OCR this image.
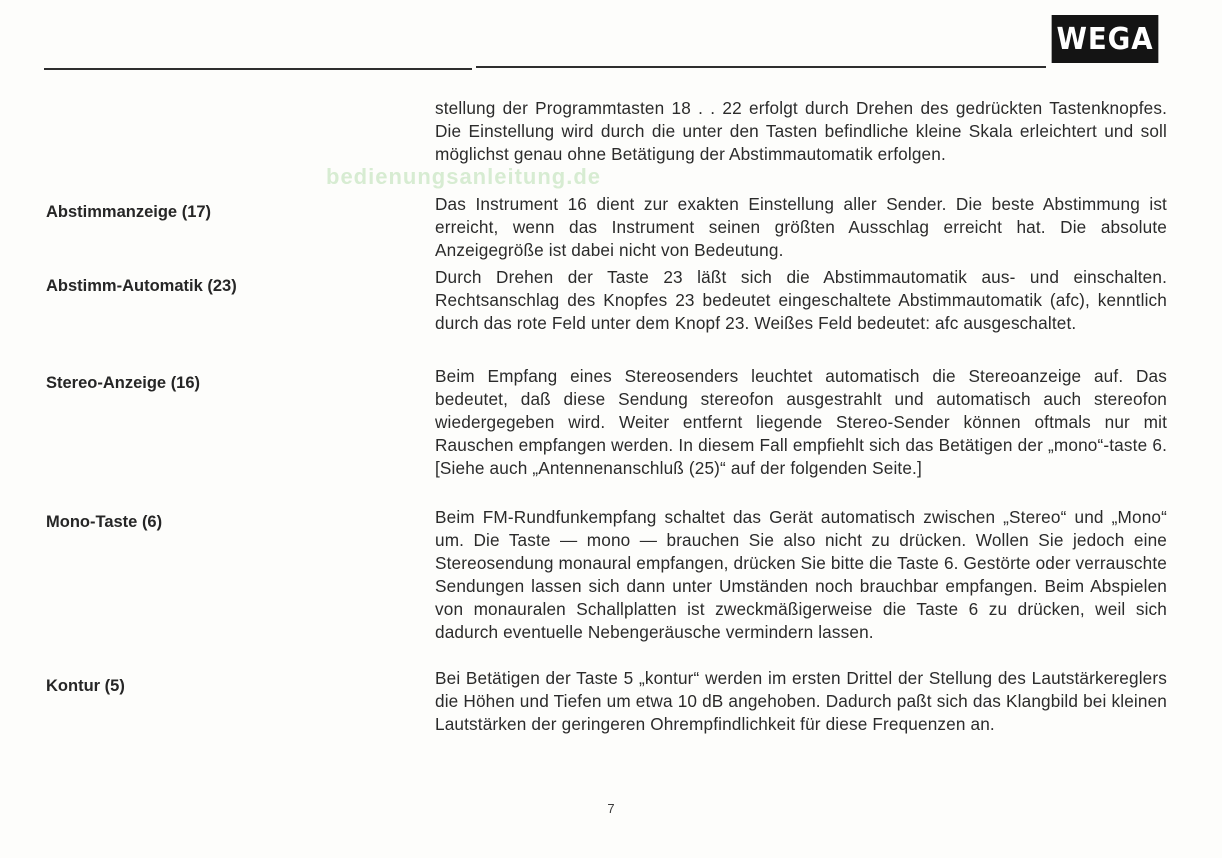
WEGA

stellung der Programmtasten 18 . . 22 erfolgt durch Drehen des gedrückten Tastenknopfes. Die Einstellung wird durch die unter den Tasten befindliche kleine Skala erleichtert und soll möglichst genau ohne Betätigung der Abstimmautomatik erfolgen.

bedienungsanleitung.de
Abstimmanzeige (17)	Das Instrument 16 dient zur exakten Einstellung aller Sender. Die beste Abstimmung ist erreicht, wenn das Instrument seinen größten Ausschlag erreicht hat. Die absolute Anzeigegröße ist dabei nicht von Bedeutung.

Abstimm-Automatik (23)	Durch Drehen der Taste 23 läßt sich die Abstimmautomatik aus- und einschalten. Rechtsanschlag des Knopfes 23 bedeutet eingeschaltete Abstimmautomatik (afc), kenntlich durch das rote Feld unter dem Knopf 23. Weißes Feld bedeutet: afc ausgeschaltet.

Stereo-Anzeige (16)	Beim Empfang eines Stereosenders leuchtet automatisch die Stereoanzeige auf. Das bedeutet, daß diese Sendung stereofon ausgestrahlt und automatisch auch stereofon wiedergegeben wird. Weiter entfernt liegende Stereo-Sender können oftmals nur mit Rauschen empfangen werden. In diesem Fall empfiehlt sich das Betätigen der „mono“-taste 6. [Siehe auch „Antennenanschluß (25)“ auf der folgenden Seite.]

Mono-Taste (6)	Beim FM-Rundfunkempfang schaltet das Gerät automatisch zwischen „Stereo“ und „Mono“ um. Die Taste — mono — brauchen Sie also nicht zu drücken. Wollen Sie jedoch eine Stereosendung monaural empfangen, drücken Sie bitte die Taste 6. Gestörte oder verrauschte Sendungen lassen sich dann unter Umständen noch brauchbar empfangen. Beim Abspielen von monauralen Schallplatten ist zweckmäßigerweise die Taste 6 zu drücken, weil sich dadurch eventuelle Nebengeräusche vermindern lassen.

Kontur (5)	Bei Betätigen der Taste 5 „kontur“ werden im ersten Drittel der Stellung des Lautstärkereglers die Höhen und Tiefen um etwa 10 dB angehoben. Dadurch paßt sich das Klangbild bei kleinen Lautstärken der geringeren Ohrempfindlichkeit für diese Frequenzen an.

7
